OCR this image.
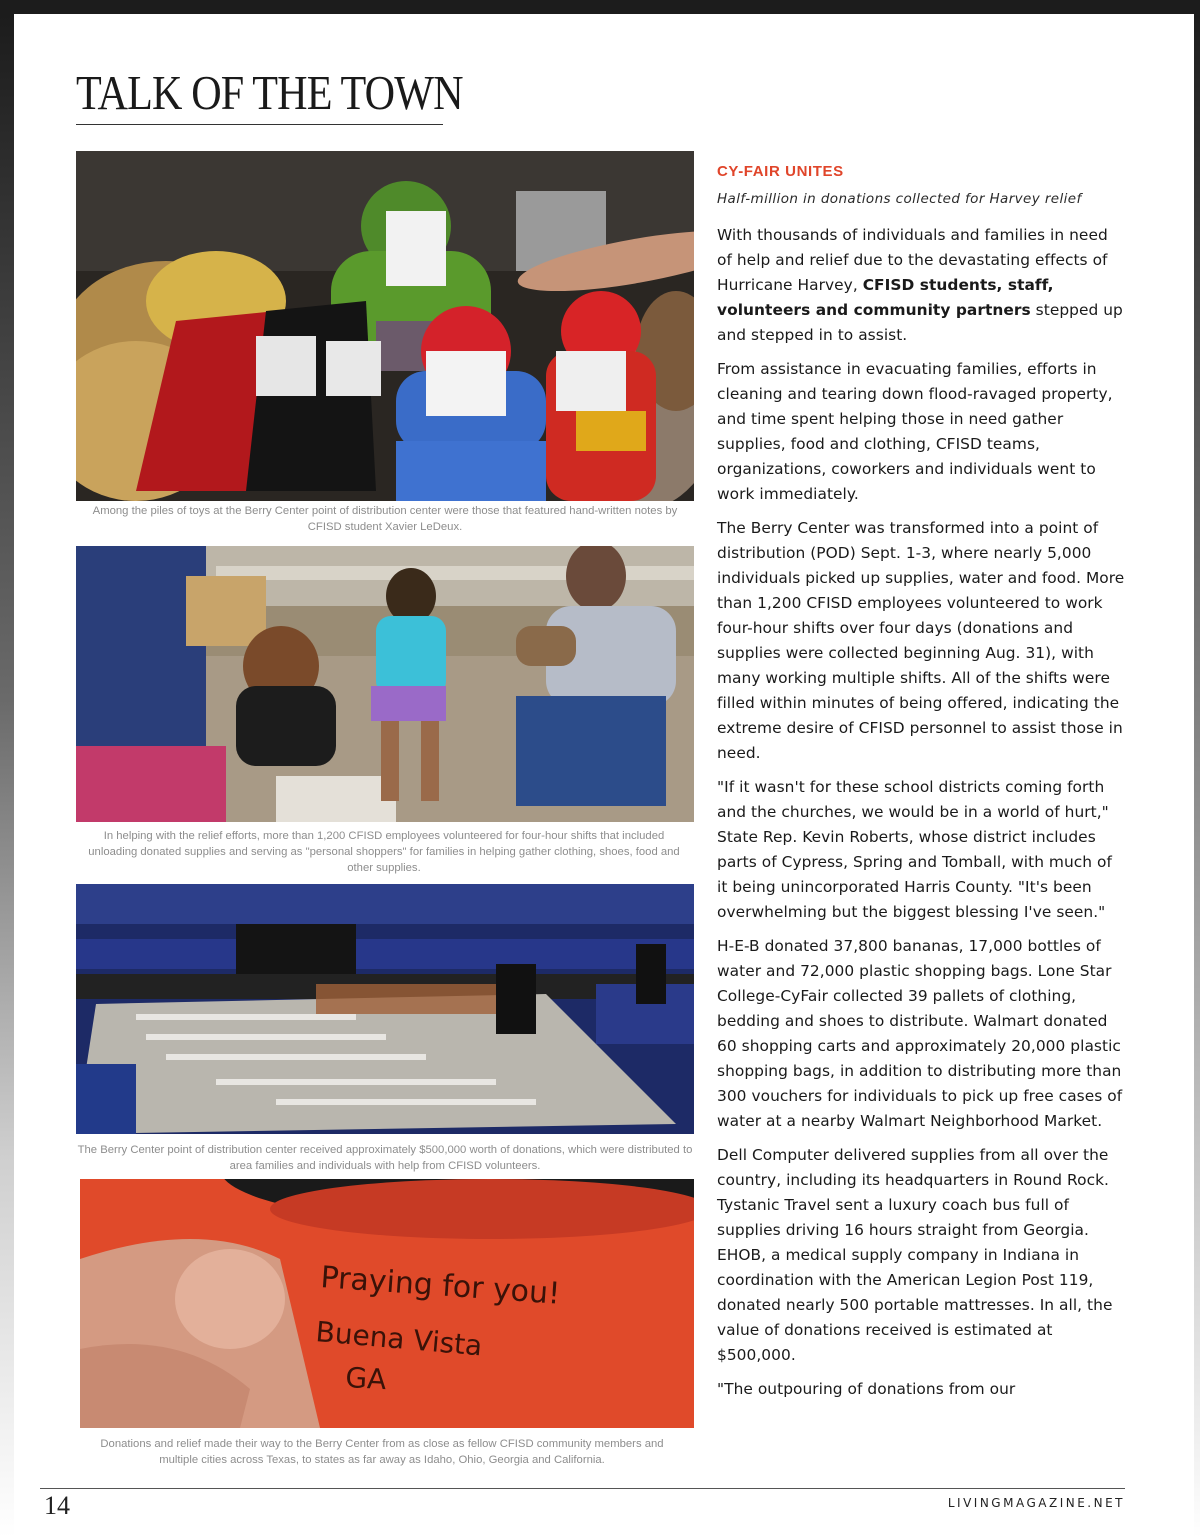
TALK OF THE TOWN

Among the piles of toys at the Berry Center point of distribution center were those that featured hand-written notes by CFISD student Xavier LeDeux.

In helping with the relief efforts, more than 1,200 CFISD employees volunteered for four-hour shifts that included unloading donated supplies and serving as "personal shoppers" for families in helping gather clothing, shoes, food and other supplies.

The Berry Center point of distribution center received approximately $500,000 worth of donations, which were distributed to area families and individuals with help from CFISD volunteers.

Praying for you!
Buena Vista
GA

Donations and relief made their way to the Berry Center from as close as fellow CFISD community members and multiple cities across Texas, to states as far away as Idaho, Ohio, Georgia and California.

CY-FAIR UNITES

Half-million in donations collected for Harvey relief

With thousands of individuals and families in need of help and relief due to the devastating effects of Hurricane Harvey, CFISD students, staff, volunteers and community partners stepped up and stepped in to assist.

From assistance in evacuating families, efforts in cleaning and tearing down flood-ravaged property, and time spent helping those in need gather supplies, food and clothing, CFISD teams, organizations, coworkers and individuals went to work immediately.

The Berry Center was transformed into a point of distribution (POD) Sept. 1-3, where nearly 5,000 individuals picked up supplies, water and food. More than 1,200 CFISD employees volunteered to work four-hour shifts over four days (donations and supplies were collected beginning Aug. 31), with many working multiple shifts. All of the shifts were filled within minutes of being offered, indicating the extreme desire of CFISD personnel to assist those in need.

"If it wasn't for these school districts coming forth and the churches, we would be in a world of hurt," State Rep. Kevin Roberts, whose district includes parts of Cypress, Spring and Tomball, with much of it being unincorporated Harris County. "It's been overwhelming but the biggest blessing I've seen."

H-E-B donated 37,800 bananas, 17,000 bottles of water and 72,000 plastic shopping bags. Lone Star College-CyFair collected 39 pallets of clothing, bedding and shoes to distribute. Walmart donated 60 shopping carts and approximately 20,000 plastic shopping bags, in addition to distributing more than 300 vouchers for individuals to pick up free cases of water at a nearby Walmart Neighborhood Market.

Dell Computer delivered supplies from all over the country, including its headquarters in Round Rock. Tystanic Travel sent a luxury coach bus full of supplies driving 16 hours straight from Georgia. EHOB, a medical supply company in Indiana in coordination with the American Legion Post 119, donated nearly 500 portable mattresses. In all, the value of donations received is estimated at $500,000.

"The outpouring of donations from our

14	LIVINGMAGAZINE.NET
